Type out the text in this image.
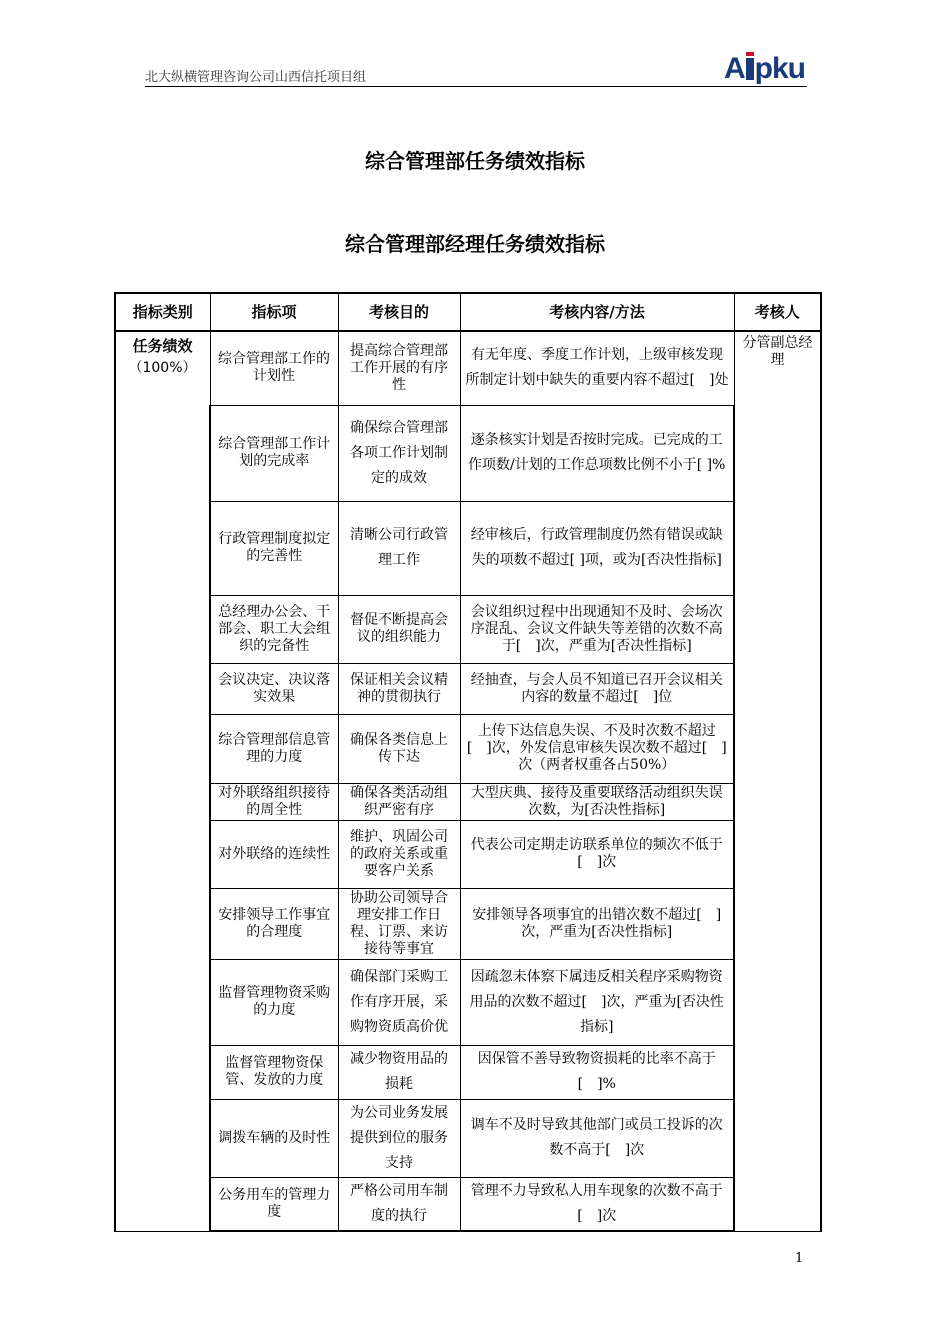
北大纵横管理咨询公司山西信托项目组	A pku
综合管理部任务绩效指标
综合管理部经理任务绩效指标
指标类别	指标项	考核目的	考核内容/方法	考核人

任务绩效
（100%）	综合管理部工作的计划性	提高综合管理部工作开展的有序性	有无年度、季度工作计划，上级审核发现所制定计划中缺失的重要内容不超过[　]处	分管副总经理
	综合管理部工作计划的完成率	确保综合管理部各项工作计划制定的成效	逐条核实计划是否按时完成。已完成的工作项数/计划的工作总项数比例不小于[ ]%	
	行政管理制度拟定的完善性	清晰公司行政管理工作	经审核后，行政管理制度仍然有错误或缺失的项数不超过[ ]项，或为[否决性指标]	
	总经理办公会、干部会、职工大会组织的完备性	督促不断提高会议的组织能力	会议组织过程中出现通知不及时、会场次序混乱、会议文件缺失等差错的次数不高于[　]次，严重为[否决性指标]	
	会议决定、决议落实效果	保证相关会议精神的贯彻执行	经抽查，与会人员不知道已召开会议相关内容的数量不超过[　]位	
	综合管理部信息管理的力度	确保各类信息上传下达	上传下达信息失误、不及时次数不超过[　]次，外发信息审核失误次数不超过[　]次（两者权重各占50%）	
	对外联络组织接待的周全性	确保各类活动组织严密有序	大型庆典、接待及重要联络活动组织失误次数，为[否决性指标]	
	对外联络的连续性	维护、巩固公司的政府关系或重要客户关系	代表公司定期走访联系单位的频次不低于[　]次	
	安排领导工作事宜的合理度	协助公司领导合理安排工作日程、订票、来访接待等事宜	安排领导各项事宜的出错次数不超过[　]次，严重为[否决性指标]	
	监督管理物资采购的力度	确保部门采购工作有序开展，采购物资质高价优	因疏忽未体察下属违反相关程序采购物资用品的次数不超过[　]次，严重为[否决性指标]	
	监督管理物资保管、发放的力度	减少物资用品的损耗	因保管不善导致物资损耗的比率不高于[　]%	
	调拨车辆的及时性	为公司业务发展提供到位的服务支持	调车不及时导致其他部门或员工投诉的次数不高于[　]次	
	公务用车的管理力度	严格公司用车制度的执行	管理不力导致私人用车现象的次数不高于[　]次	
1
